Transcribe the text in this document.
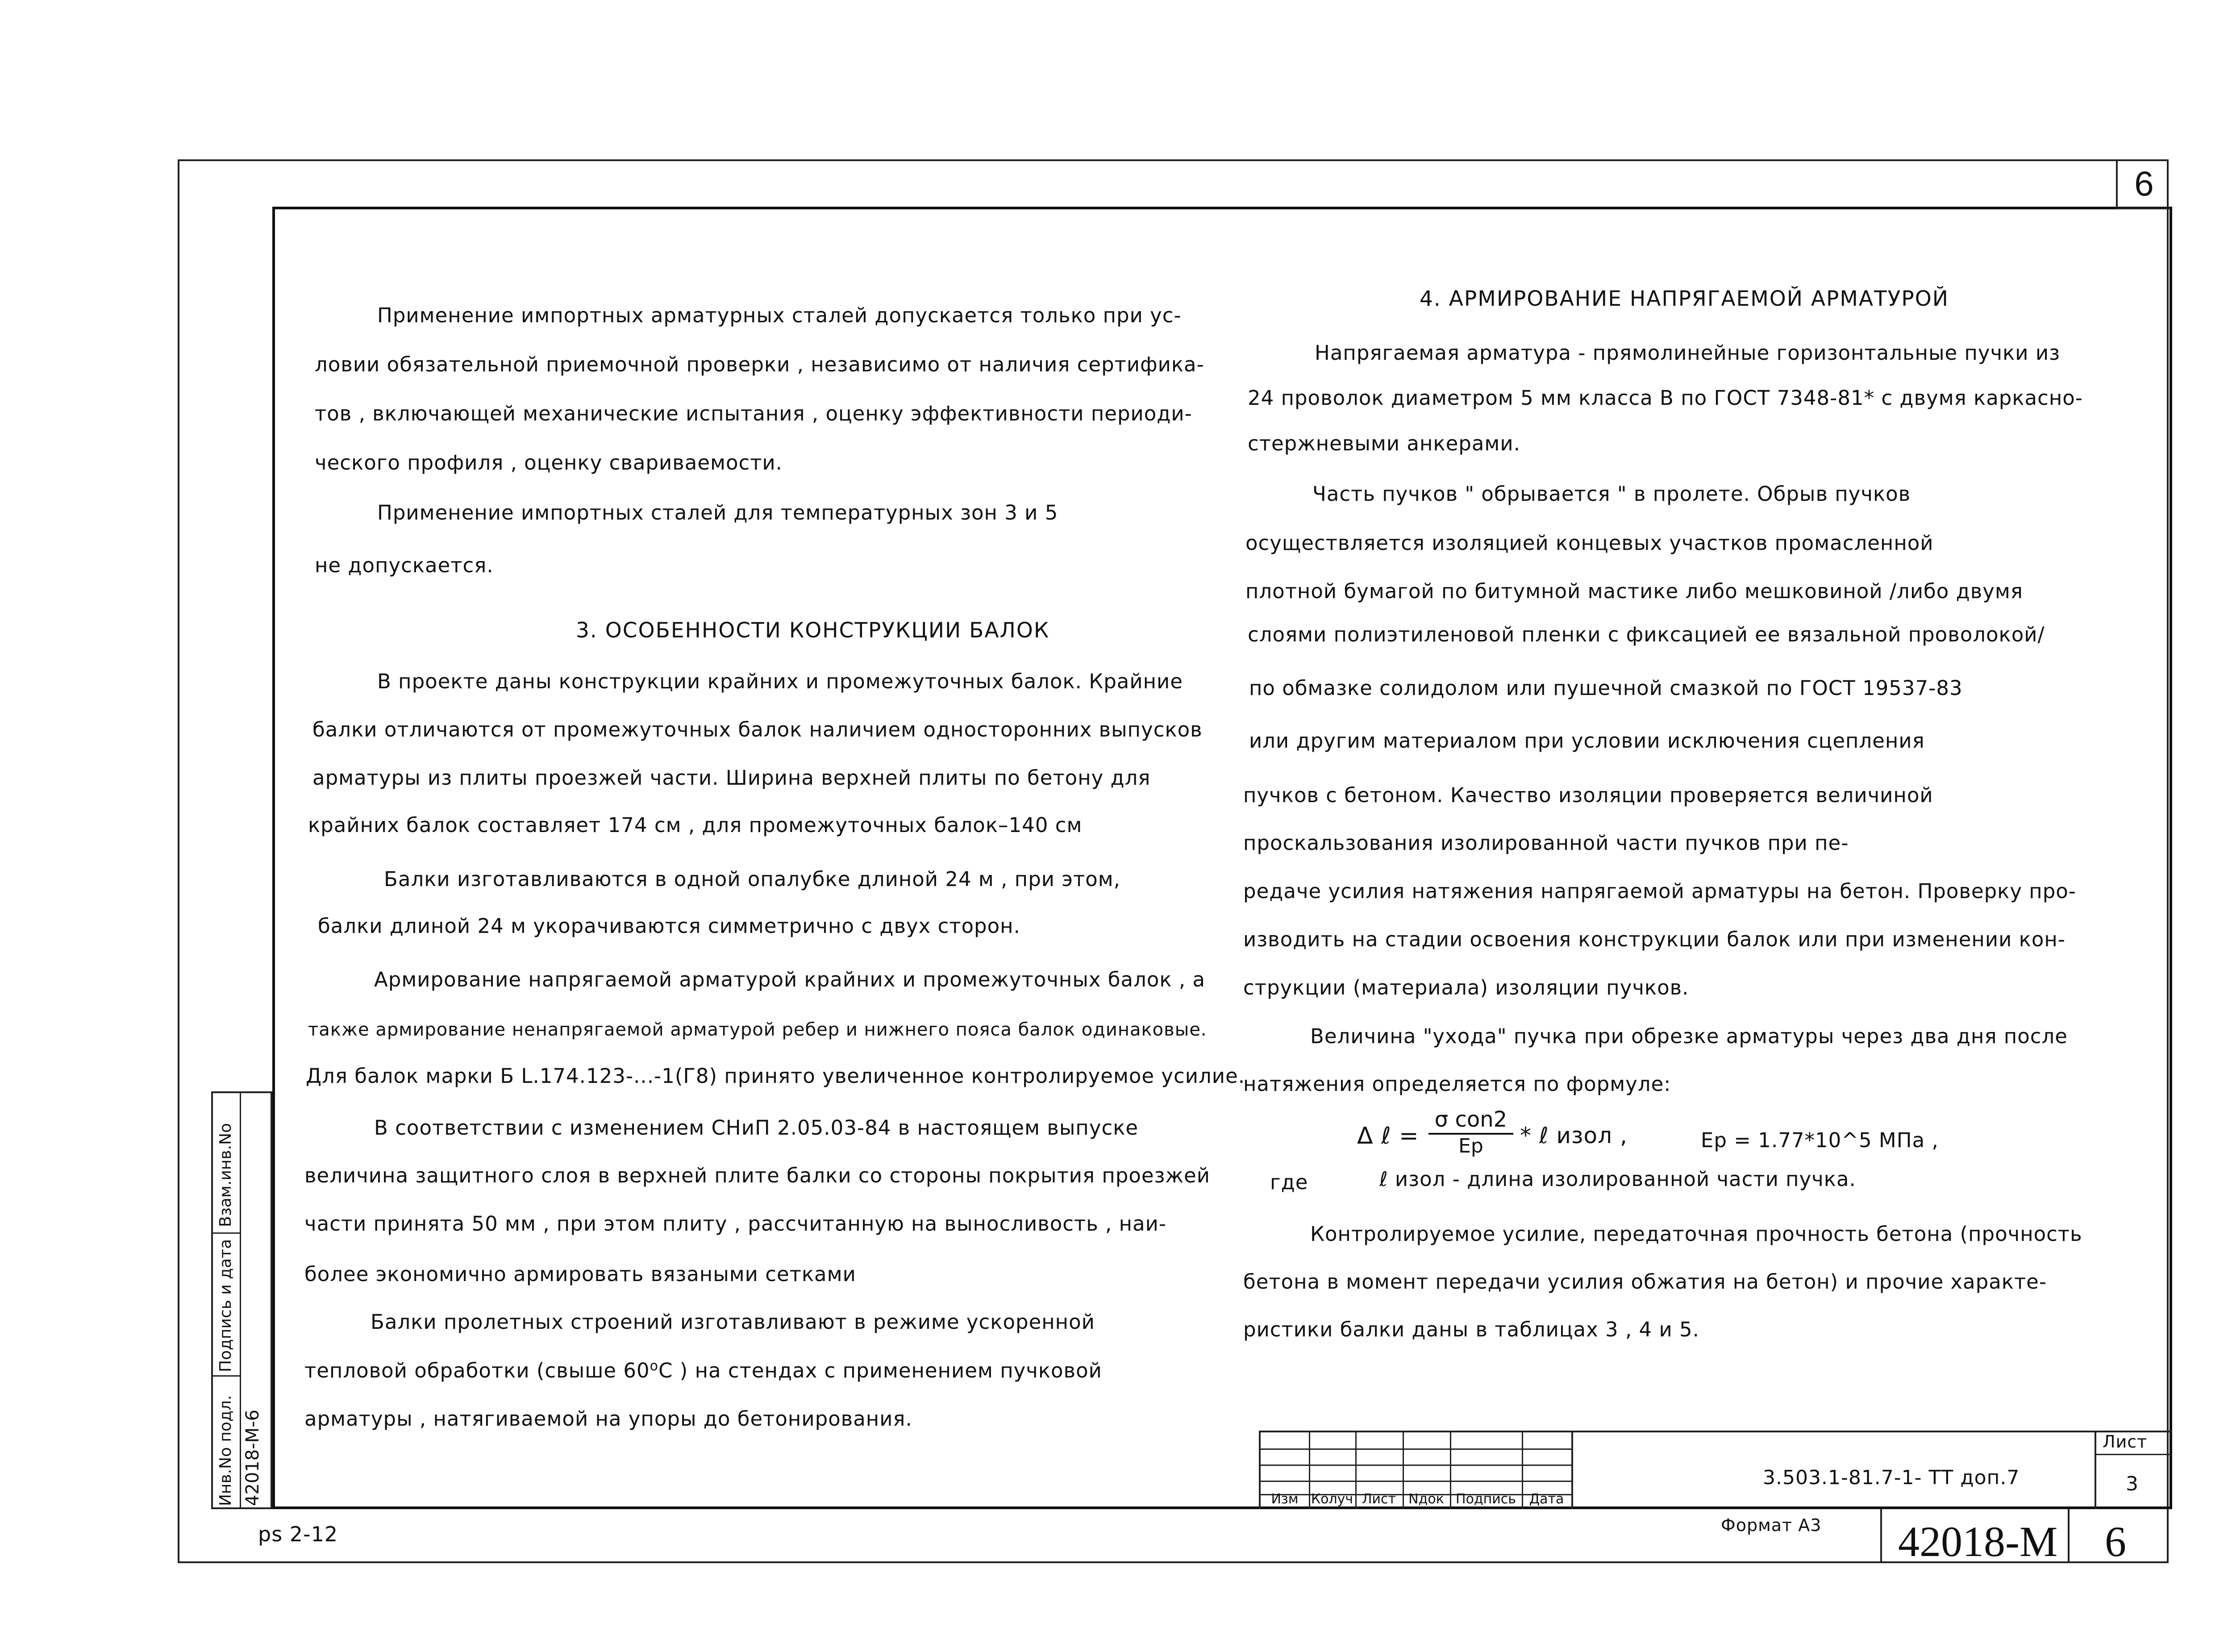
6
Применение импортных арматурных сталей допускается только при ус-
ловии обязательной приемочной проверки , независимо от наличия сертифика-
тов , включающей механические испытания , оценку эффективности периоди-
ческого профиля , оценку свариваемости.
Применение импортных сталей для температурных зон 3 и 5
не допускается.
3. ОСОБЕННОСТИ КОНСТРУКЦИИ БАЛОК
В проекте даны конструкции крайних и промежуточных балок. Крайние
балки отличаются от промежуточных балок наличием односторонних выпусков
арматуры из плиты проезжей части. Ширина верхней плиты по бетону для
крайних балок составляет 174 см , для промежуточных балок–140 см
Балки изготавливаются в одной опалубке длиной 24 м , при этом,
балки длиной 24 м укорачиваются симметрично с двух сторон.
Армирование напрягаемой арматурой крайних и промежуточных балок , а
также армирование ненапрягаемой арматурой ребер и нижнего пояса балок одинаковые.
Для балок марки Б L.174.123-...-1(Г8) принято увеличенное контролируемое усилие.
В соответствии с изменением СНиП 2.05.03-84 в настоящем выпуске
величина защитного слоя в верхней плите балки со стороны покрытия проезжей
части принята 50 мм , при этом плиту , рассчитанную на выносливость , наи-
более экономично армировать вязаными сетками
Балки пролетных строений изготавливают в режиме ускоренной
тепловой обработки (свыше 60$^o$C ) на стендах с применением пучковой
арматуры , натягиваемой на упоры до бетонирования.
4. АРМИРОВАНИЕ НАПРЯГАЕМОЙ АРМАТУРОЙ
Напрягаемая арматура - прямолинейные горизонтальные пучки из
24 проволок диаметром 5 мм класса В по ГОСТ 7348-81* с двумя каркасно-
стержневыми анкерами.
Часть пучков " обрывается " в пролете. Обрыв пучков
осуществляется изоляцией концевых участков промасленной
плотной бумагой по битумной мастике либо мешковиной /либо двумя
слоями полиэтиленовой пленки с фиксацией ее вязальной проволокой/
по обмазке солидолом или пушечной смазкой по ГОСТ 19537-83
или другим материалом при условии исключения сцепления
пучков с бетоном. Качество изоляции проверяется величиной
проскальзования изолированной части пучков при пе-
редаче усилия натяжения напрягаемой арматуры на бетон. Проверку про-
изводить на стадии освоения конструкции балок или при изменении кон-
струкции (материала) изоляции пучков.
Величина "ухода" пучка при обрезке арматуры через два дня после
натяжения определяется по формуле:
Δ ℓ =
σ con2
Ep	* ℓ изол ,	Ep = 1.77*10^5 МПа ,
где	ℓ изол - длина изолированной части пучка.
Контролируемое усилие, передаточная прочность бетона (прочность
бетона в момент передачи усилия обжатия на бетон) и прочие характе-
ристики балки даны в таблицах 3 , 4 и 5.
Взам.инв.No
Подпись и дата
Инв.No подл. 42018-М-6	Изм Колуч Лист Nдок Подпись Дата
3.503.1-81.7-1- ТТ доп.7
Лист
3
Формат А3 42018-М 6
ps 2-12
